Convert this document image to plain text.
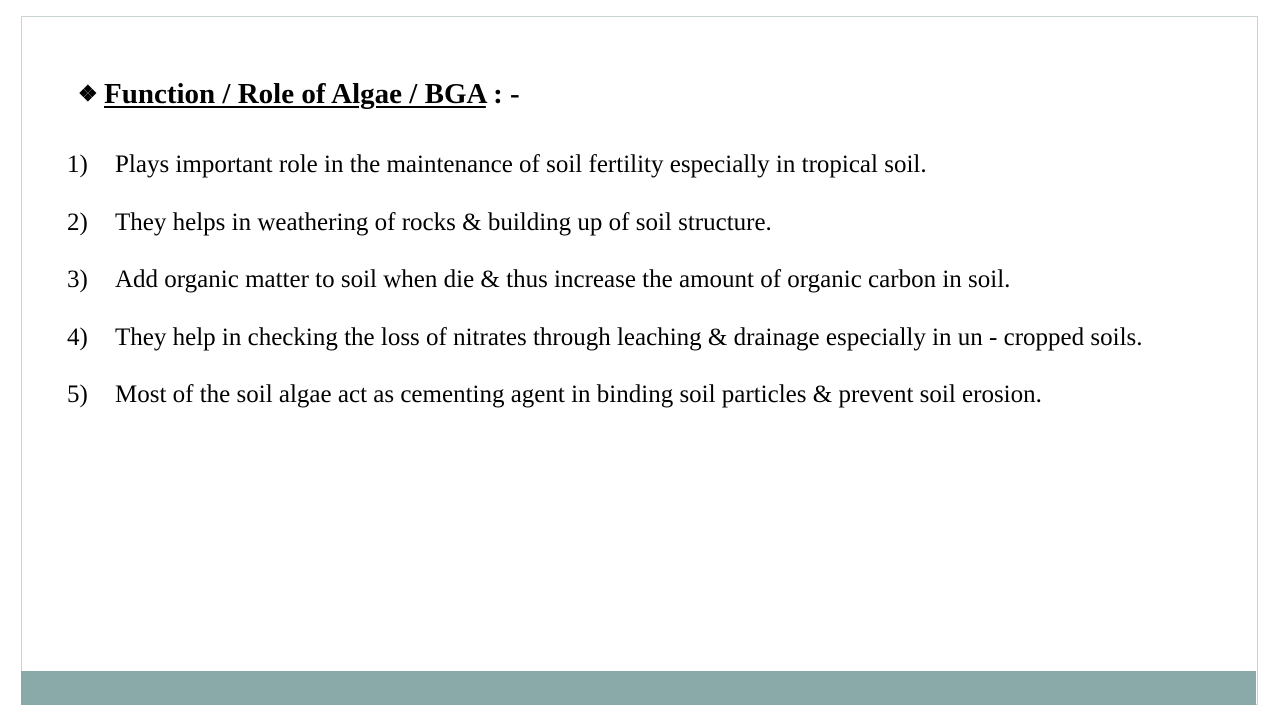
❖ Function / Role of Algae / BGA : -
1)	Plays important role in the maintenance of soil fertility especially in tropical soil.
2)	They helps in weathering of rocks & building up of soil structure.
3)	Add organic matter to soil when die & thus increase the amount of organic carbon in soil.
4)	They help in checking the loss of nitrates through leaching & drainage especially in un - cropped soils.
5)	Most of the soil algae act as cementing agent in binding soil particles & prevent soil erosion.
